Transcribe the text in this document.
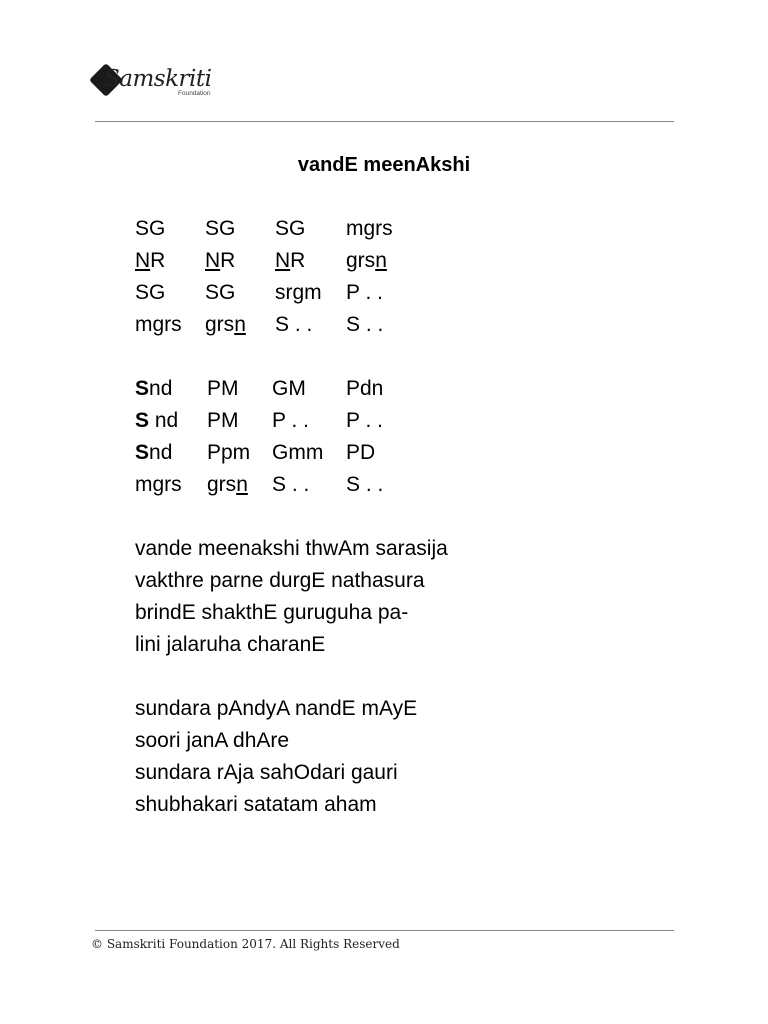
Samskriti
Foundation
vandE meenAkshi
SG SG SG mgrs
NR NR NR grsn
SG SG srgm P . .
mgrs grsn S . . S . .
Snd PM GM Pdn
S nd PM P . . P . .
Snd Ppm Gmm PD
mgrs grsn S . . S . .
vande meenakshi thwAm sarasija
vakthre parne durgE nathasura
brindE shakthE guruguha pa-
lini jalaruha charanE
sundara pAndyA nandE mAyE
soori janA dhAre
sundara rAja sahOdari gauri
shubhakari satatam aham
© Samskriti Foundation 2017. All Rights Reserved
